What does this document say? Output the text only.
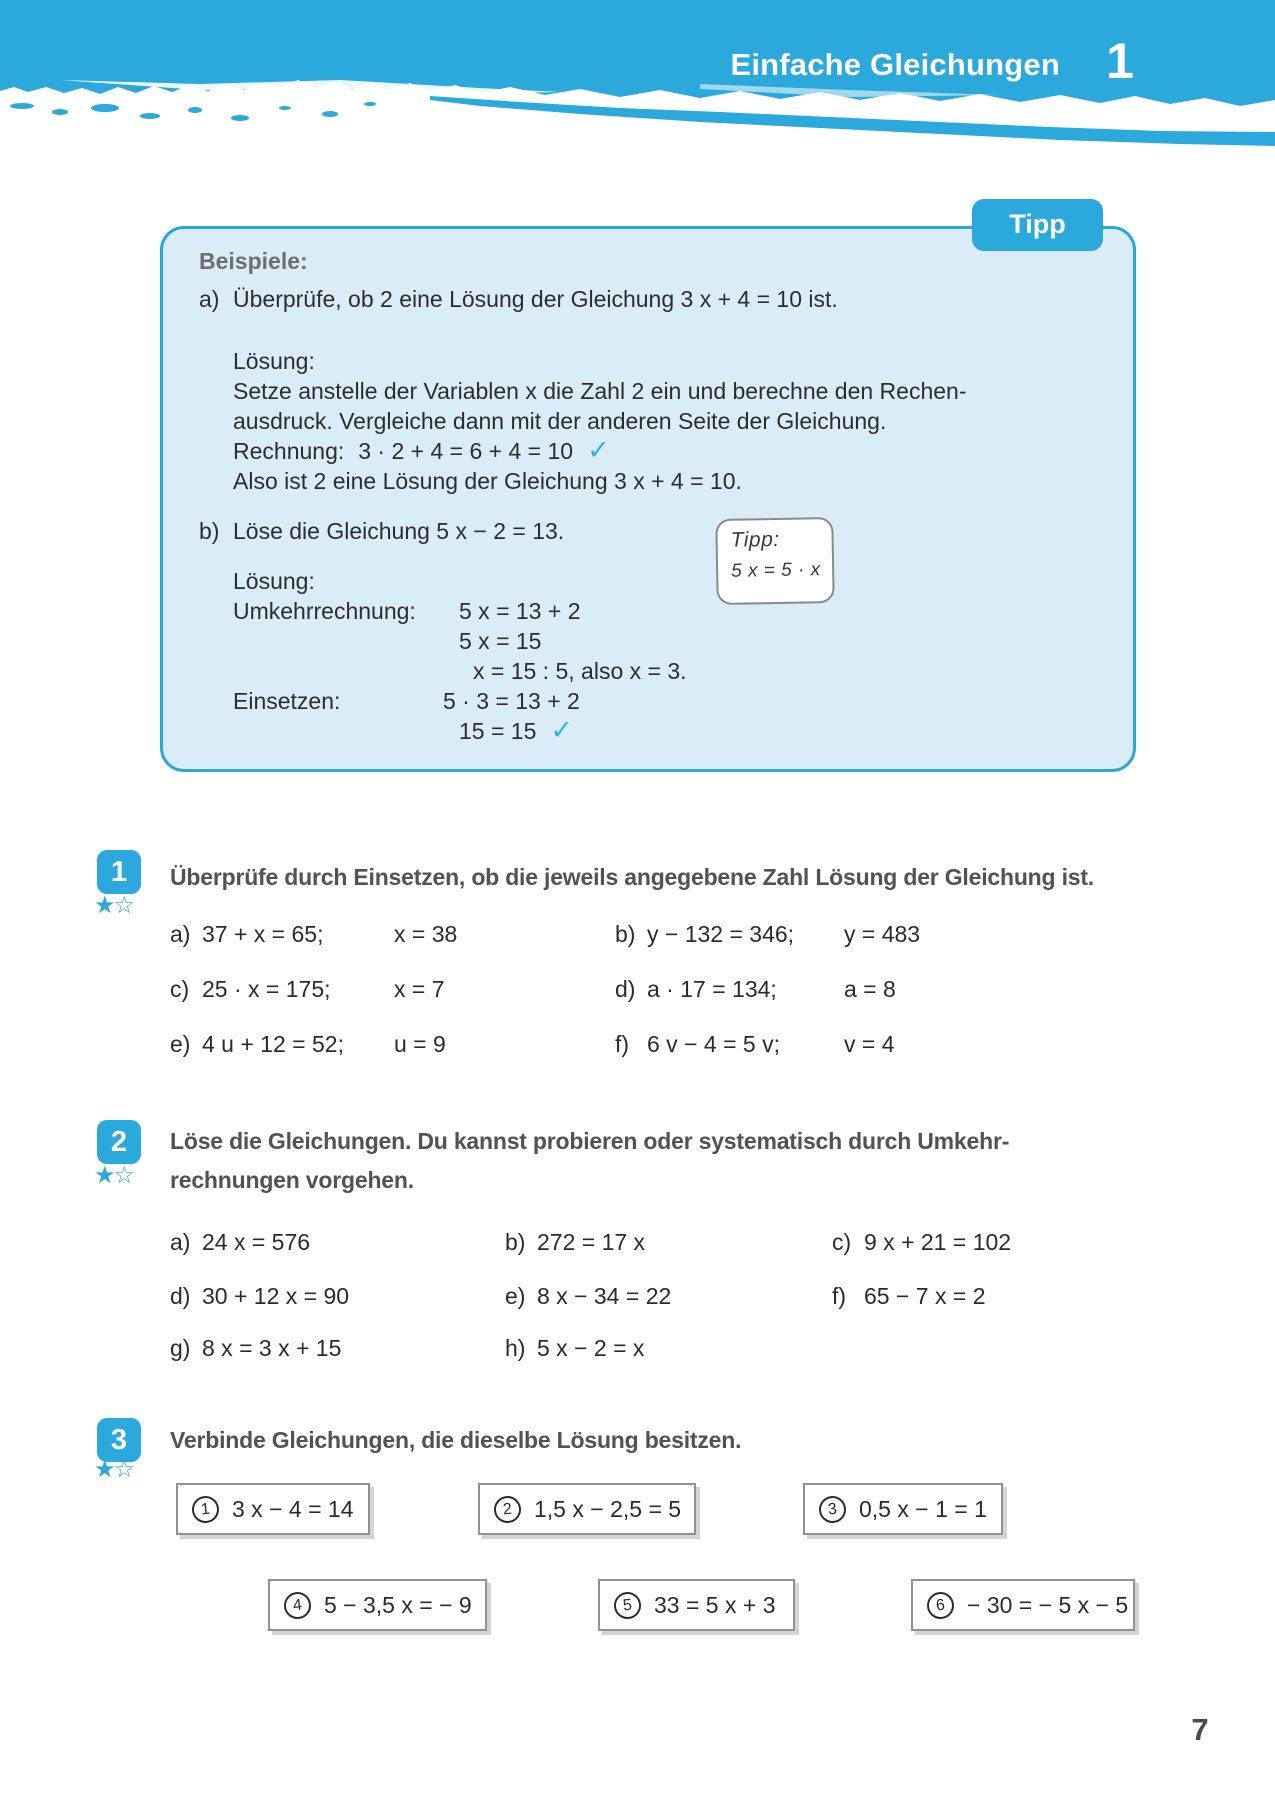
Einfache Gleichungen 1
Tipp
Beispiele:
a) Überprüfe, ob 2 eine Lösung der Gleichung 3 x + 4 = 10 ist.
Lösung:
Setze anstelle der Variablen x die Zahl 2 ein und berechne den Rechen-
ausdruck. Vergleiche dann mit der anderen Seite der Gleichung.
Rechnung: 3 · 2 + 4 = 6 + 4 = 10 ✓
Also ist 2 eine Lösung der Gleichung 3 x + 4 = 10.
b) Löse die Gleichung 5 x − 2 = 13.
Lösung:
Umkehrrechnung:	5 x = 13 + 2
5 x = 15
x = 15 : 5, also x = 3.
Einsetzen:	5 · 3 = 13 + 2
15 = 15 ✓
Tipp:
5 x = 5 · x
1
★☆
Überprüfe durch Einsetzen, ob die jeweils angegebene Zahl Lösung der Gleichung ist.
a) 37 + x = 65;	x = 38	b) y − 132 = 346; y = 483
c) 25 · x = 175;	x = 7	d) a · 17 = 134;	a = 8
e) 4 u + 12 = 52; u = 9	f) 6 v − 4 = 5 v;	v = 4
2
★☆
Löse die Gleichungen. Du kannst probieren oder systematisch durch Umkehr-
rechnungen vorgehen.
a) 24 x = 576	b) 272 = 17 x	c) 9 x + 21 = 102
d) 30 + 12 x = 90	e) 8 x − 34 = 22	f) 65 − 7 x = 2
g) 8 x = 3 x + 15	h) 5 x − 2 = x
3
★☆
Verbinde Gleichungen, die dieselbe Lösung besitzen.
1 3 x − 4 = 14	2 1,5 x − 2,5 = 5	3 0,5 x − 1 = 1
4 5 − 3,5 x = − 9	5 33 = 5 x + 3	6 − 30 = − 5 x − 5
7
